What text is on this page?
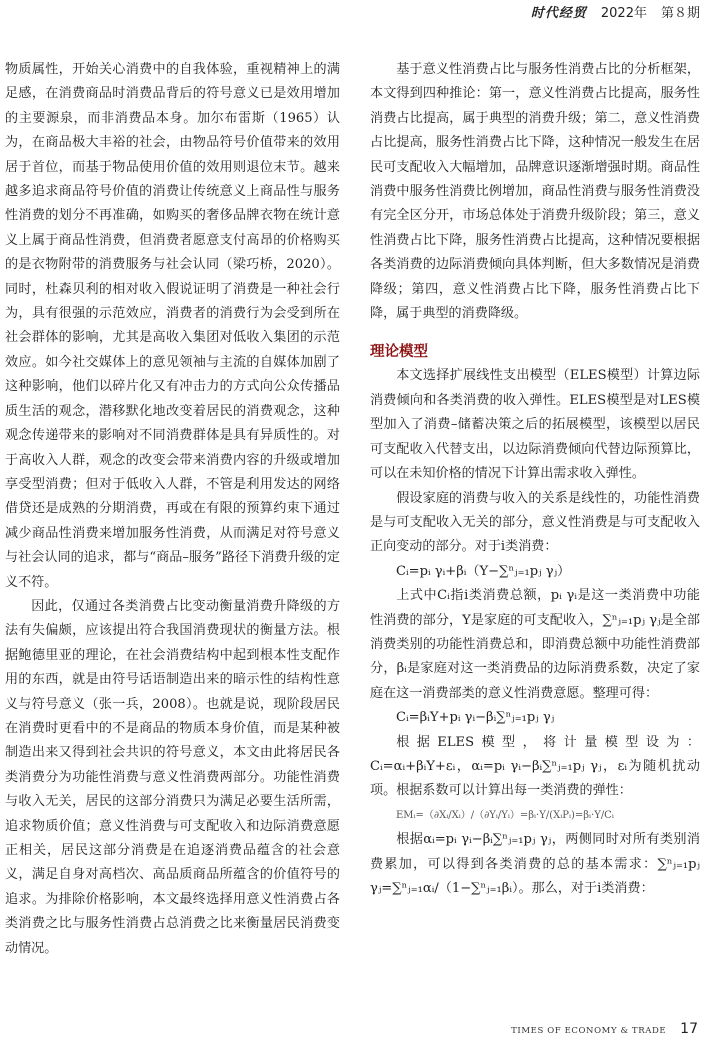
时代经贸 2022年 第８期

物质属性，开始关心消费中的自我体验，重视精神上的满足感，在消费商品时消费品背后的符号意义已是效用增加的主要源泉，而非消费品本身。加尔布雷斯（1965）认为，在商品极大丰裕的社会，由物品符号价值带来的效用居于首位，而基于物品使用价值的效用则退位末节。越来越多追求商品符号价值的消费让传统意义上商品性与服务性消费的划分不再准确，如购买的奢侈品牌衣物在统计意义上属于商品性消费，但消费者愿意支付高昂的价格购买的是衣物附带的消费服务与社会认同（梁巧桥，2020）。同时，杜森贝利的相对收入假说证明了消费是一种社会行为，具有很强的示范效应，消费者的消费行为会受到所在社会群体的影响，尤其是高收入集团对低收入集团的示范效应。如今社交媒体上的意见领袖与主流的自媒体加剧了这种影响，他们以碎片化又有冲击力的方式向公众传播品质生活的观念，潜移默化地改变着居民的消费观念，这种观念传递带来的影响对不同消费群体是具有异质性的。对于高收入人群，观念的改变会带来消费内容的升级或增加享受型消费；但对于低收入人群，不管是利用发达的网络借贷还是成熟的分期消费，再或在有限的预算约束下通过减少商品性消费来增加服务性消费，从而满足对符号意义与社会认同的追求，都与“商品–服务”路径下消费升级的定义不符。

因此，仅通过各类消费占比变动衡量消费升降级的方法有失偏颇，应该提出符合我国消费现状的衡量方法。根据鲍德里亚的理论，在社会消费结构中起到根本性支配作用的东西，就是由符号话语制造出来的暗示性的结构性意义与符号意义（张一兵，2008）。也就是说，现阶段居民在消费时更看中的不是商品的物质本身价值，而是某种被制造出来又得到社会共识的符号意义，本文由此将居民各类消费分为功能性消费与意义性消费两部分。功能性消费与收入无关，居民的这部分消费只为满足必要生活所需，追求物质价值；意义性消费与可支配收入和边际消费意愿正相关，居民这部分消费是在追逐消费品蕴含的社会意义，满足自身对高档次、高品质商品所蕴含的价值符号的追求。为排除价格影响，本文最终选择用意义性消费占各类消费之比与服务性消费占总消费之比来衡量居民消费变动情况。

基于意义性消费占比与服务性消费占比的分析框架，本文得到四种推论：第一，意义性消费占比提高，服务性消费占比提高，属于典型的消费升级；第二，意义性消费占比提高，服务性消费占比下降，这种情况一般发生在居民可支配收入大幅增加，品牌意识逐渐增强时期。商品性消费中服务性消费比例增加，商品性消费与服务性消费没有完全区分开，市场总体处于消费升级阶段；第三，意义性消费占比下降，服务性消费占比提高，这种情况要根据各类消费的边际消费倾向具体判断，但大多数情况是消费降级；第四，意义性消费占比下降，服务性消费占比下降，属于典型的消费降级。

理论模型

本文选择扩展线性支出模型（ELES模型）计算边际消费倾向和各类消费的收入弹性。ELES模型是对LES模型加入了消费–储蓄决策之后的拓展模型，该模型以居民可支配收入代替支出，以边际消费倾向代替边际预算比，可以在未知价格的情况下计算出需求收入弹性。

假设家庭的消费与收入的关系是线性的，功能性消费是与可支配收入无关的部分，意义性消费是与可支配收入正向变动的部分。对于i类消费：

Cᵢ=pᵢ γᵢ+βᵢ（Y−∑ⁿⱼ₌₁pⱼ γⱼ）

上式中Cᵢ指i类消费总额，pᵢ γᵢ是这一类消费中功能性消费的部分，Y是家庭的可支配收入，∑ⁿⱼ₌₁pⱼ γⱼ是全部消费类别的功能性消费总和，即消费总额中功能性消费部分，βᵢ是家庭对这一类消费品的边际消费系数，决定了家庭在这一消费部类的意义性消费意愿。整理可得：

Cᵢ=βᵢY+pᵢ γᵢ−βᵢ∑ⁿⱼ₌₁pⱼ γⱼ

根据ELES模型，将计量模型设为：Cᵢ=αᵢ+βᵢY+εᵢ，αᵢ=pᵢ γᵢ−βᵢ∑ⁿⱼ₌₁pⱼ γⱼ，εᵢ为随机扰动项。根据系数可以计算出每一类消费的弹性：

EMᵢ=（∂Xᵢ/Xᵢ）/（∂Yᵢ/Yᵢ）=βᵢ·Y/(XᵢPᵢ)=βᵢ·Y/Cᵢ

根据αᵢ=pᵢ γᵢ−βᵢ∑ⁿⱼ₌₁pⱼ γⱼ，两侧同时对所有类别消费累加，可以得到各类消费的总的基本需求：∑ⁿⱼ₌₁pⱼ γⱼ=∑ⁿⱼ₌₁αᵢ/（1−∑ⁿⱼ₌₁βᵢ）。那么，对于i类消费：

TIMES OF ECONOMY & TRADE 17
